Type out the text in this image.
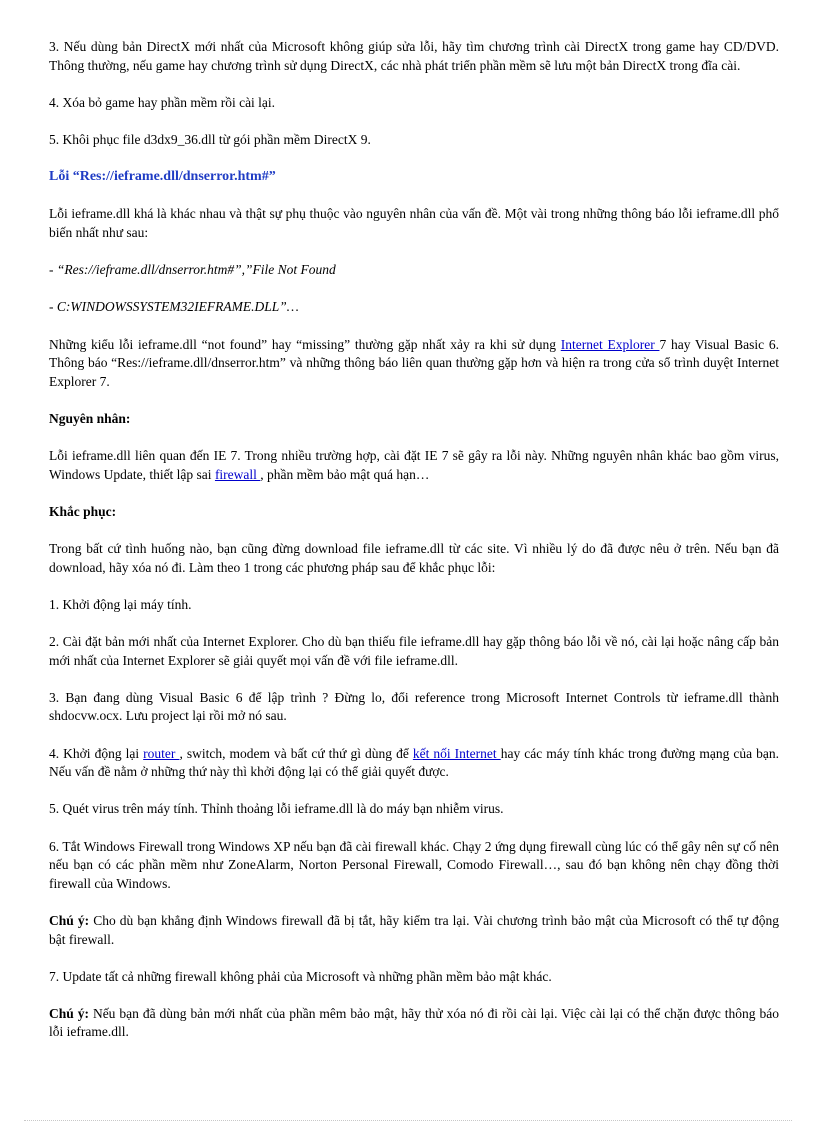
3. Nếu dùng bản DirectX mới nhất của Microsoft không giúp sửa lỗi, hãy tìm chương trình cài DirectX trong game hay CD/DVD. Thông thường, nếu game hay chương trình sử dụng DirectX, các nhà phát triển phần mềm sẽ lưu một bản DirectX trong đĩa cài.

4. Xóa bỏ game hay phần mềm rồi cài lại.

5. Khôi phục file d3dx9_36.dll từ gói phần mềm DirectX 9.

Lỗi “Res://ieframe.dll/dnserror.htm#”

Lỗi ieframe.dll khá là khác nhau và thật sự phụ thuộc vào nguyên nhân của vấn đề. Một vài trong những thông báo lỗi ieframe.dll phổ biến nhất như sau:

- “Res://ieframe.dll/dnserror.htm#”,”File Not Found

- C:WINDOWSSYSTEM32IEFRAME.DLL”…

Những kiểu lỗi ieframe.dll “not found” hay “missing” thường gặp nhất xảy ra khi sử dụng Internet Explorer 7 hay Visual Basic 6. Thông báo “Res://ieframe.dll/dnserror.htm” và những thông báo liên quan thường gặp hơn và hiện ra trong cửa sổ trình duyệt Internet Explorer 7.

Nguyên nhân:

Lỗi ieframe.dll liên quan đến IE 7. Trong nhiều trường hợp, cài đặt IE 7 sẽ gây ra lỗi này. Những nguyên nhân khác bao gồm virus, Windows Update, thiết lập sai firewall , phần mềm bảo mật quá hạn…

Khắc phục:

Trong bất cứ tình huống nào, bạn cũng đừng download file ieframe.dll từ các site. Vì nhiều lý do đã được nêu ở trên. Nếu bạn đã download, hãy xóa nó đi. Làm theo 1 trong các phương pháp sau để khắc phục lỗi:

1. Khởi động lại máy tính.

2. Cài đặt bản mới nhất của Internet Explorer. Cho dù bạn thiếu file ieframe.dll hay gặp thông báo lỗi về nó, cài lại hoặc nâng cấp bản mới nhất của Internet Explorer sẽ giải quyết mọi vấn đề với file ieframe.dll.

3. Bạn đang dùng Visual Basic 6 để lập trình ? Đừng lo, đổi reference trong Microsoft Internet Controls từ ieframe.dll thành shdocvw.ocx. Lưu project lại rồi mở nó sau.

4. Khởi động lại router , switch, modem và bất cứ thứ gì dùng để kết nối Internet hay các máy tính khác trong đường mạng của bạn. Nếu vấn đề nằm ở những thứ này thì khởi động lại có thể giải quyết được.

5. Quét virus trên máy tính. Thỉnh thoảng lỗi ieframe.dll là do máy bạn nhiễm virus.

6. Tắt Windows Firewall trong Windows XP nếu bạn đã cài firewall khác. Chạy 2 ứng dụng firewall cùng lúc có thể gây nên sự cố nên nếu bạn có các phần mềm như ZoneAlarm, Norton Personal Firewall, Comodo Firewall…, sau đó bạn không nên chạy đồng thời firewall của Windows.

Chú ý: Cho dù bạn khẳng định Windows firewall đã bị tắt, hãy kiểm tra lại. Vài chương trình bảo mật của Microsoft có thể tự động bật firewall.

7. Update tất cả những firewall không phải của Microsoft và những phần mềm bảo mật khác.

Chú ý: Nếu bạn đã dùng bản mới nhất của phần mêm bảo mật, hãy thử xóa nó đi rồi cài lại. Việc cài lại có thể chặn được thông báo lỗi ieframe.dll.
